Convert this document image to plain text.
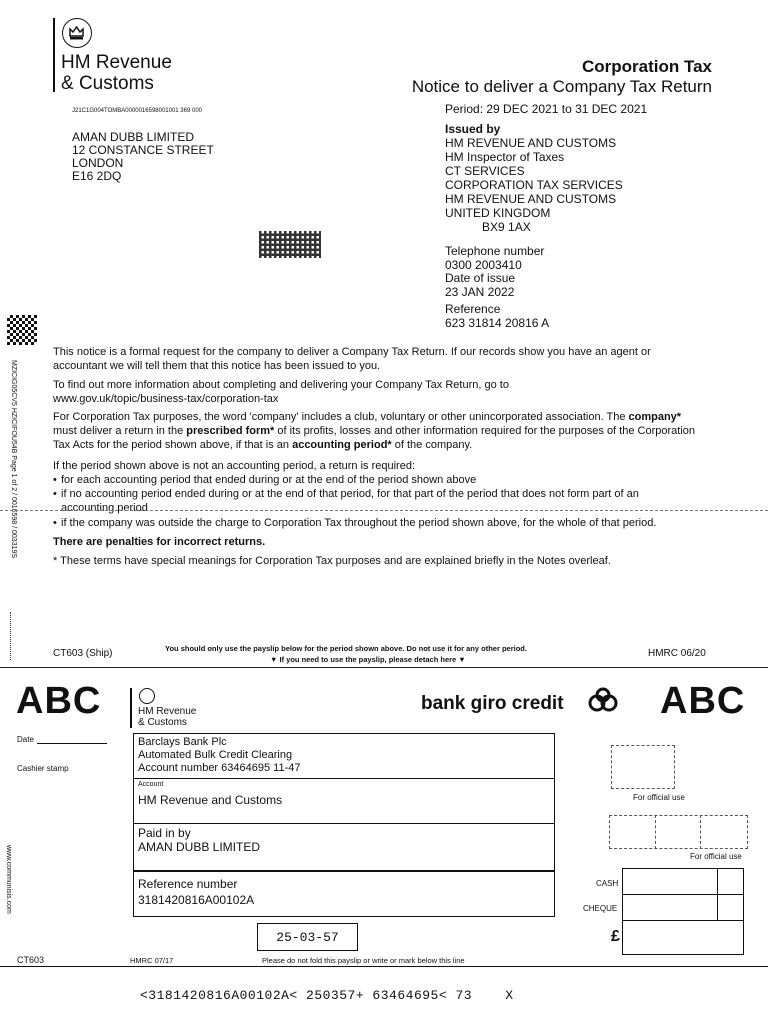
HM Revenue
& Customs
Corporation Tax
Notice to deliver a Company Tax Return
J21C1G004TOMBA0000016598001001 369 000
AMAN DUBB LIMITED
12 CONSTANCE STREET
LONDON
E16 2DQ
Period: 29 DEC 2021 to 31 DEC 2021
Issued by
HM REVENUE AND CUSTOMS
HM Inspector of Taxes
CT SERVICES
CORPORATION TAX SERVICES
HM REVENUE AND CUSTOMS
UNITED KINGDOM
BX9 1AX
Telephone number
0300 2003410
Date of issue
23 JAN 2022
Reference
623 31814 20816 A
MZICIG05CV5 HZICIFOU54B Page 1 of 2 / 0016598 / 003319S
www.communisis.com
This notice is a formal request for the company to deliver a Company Tax Return. If our records show you have an agent or accountant we will tell them that this notice has been issued to you.
To find out more information about completing and delivering your Company Tax Return, go to www.gov.uk/topic/business-tax/corporation-tax
For Corporation Tax purposes, the word 'company' includes a club, voluntary or other unincorporated association. The company* must deliver a return in the prescribed form* of its profits, losses and other information required for the purposes of the Corporation Tax Acts for the period shown above, if that is an accounting period* of the company.
If the period shown above is not an accounting period, a return is required:
• for each accounting period that ended during or at the end of the period shown above
• if no accounting period ended during or at the end of that period, for that part of the period that does not form part of an accounting period
• if the company was outside the charge to Corporation Tax throughout the period shown above, for the whole of that period.
There are penalties for incorrect returns.
* These terms have special meanings for Corporation Tax purposes and are explained briefly in the Notes overleaf.
CT603 (Ship)	You should only use the payslip below for the period shown above. Do not use it for any other period.
▼ If you need to use the payslip, please detach here ▼
HMRC 06/20
ABC	ABC
HM Revenue
& Customs
bank giro credit
Date
Cashier stamp
Barclays Bank Plc
Automated Bulk Credit Clearing
Account number 63464695 11-47
Account
HM Revenue and Customs
Paid in by
AMAN DUBB LIMITED
Reference number
3181420816A00102A
For official use
For official use
CASH
CHEQUE
£
25-03-57
CT603	HMRC 07/17	Please do not fold this payslip or write or mark below this line
<3181420816A00102A< 250357+ 63464695< 73    X
